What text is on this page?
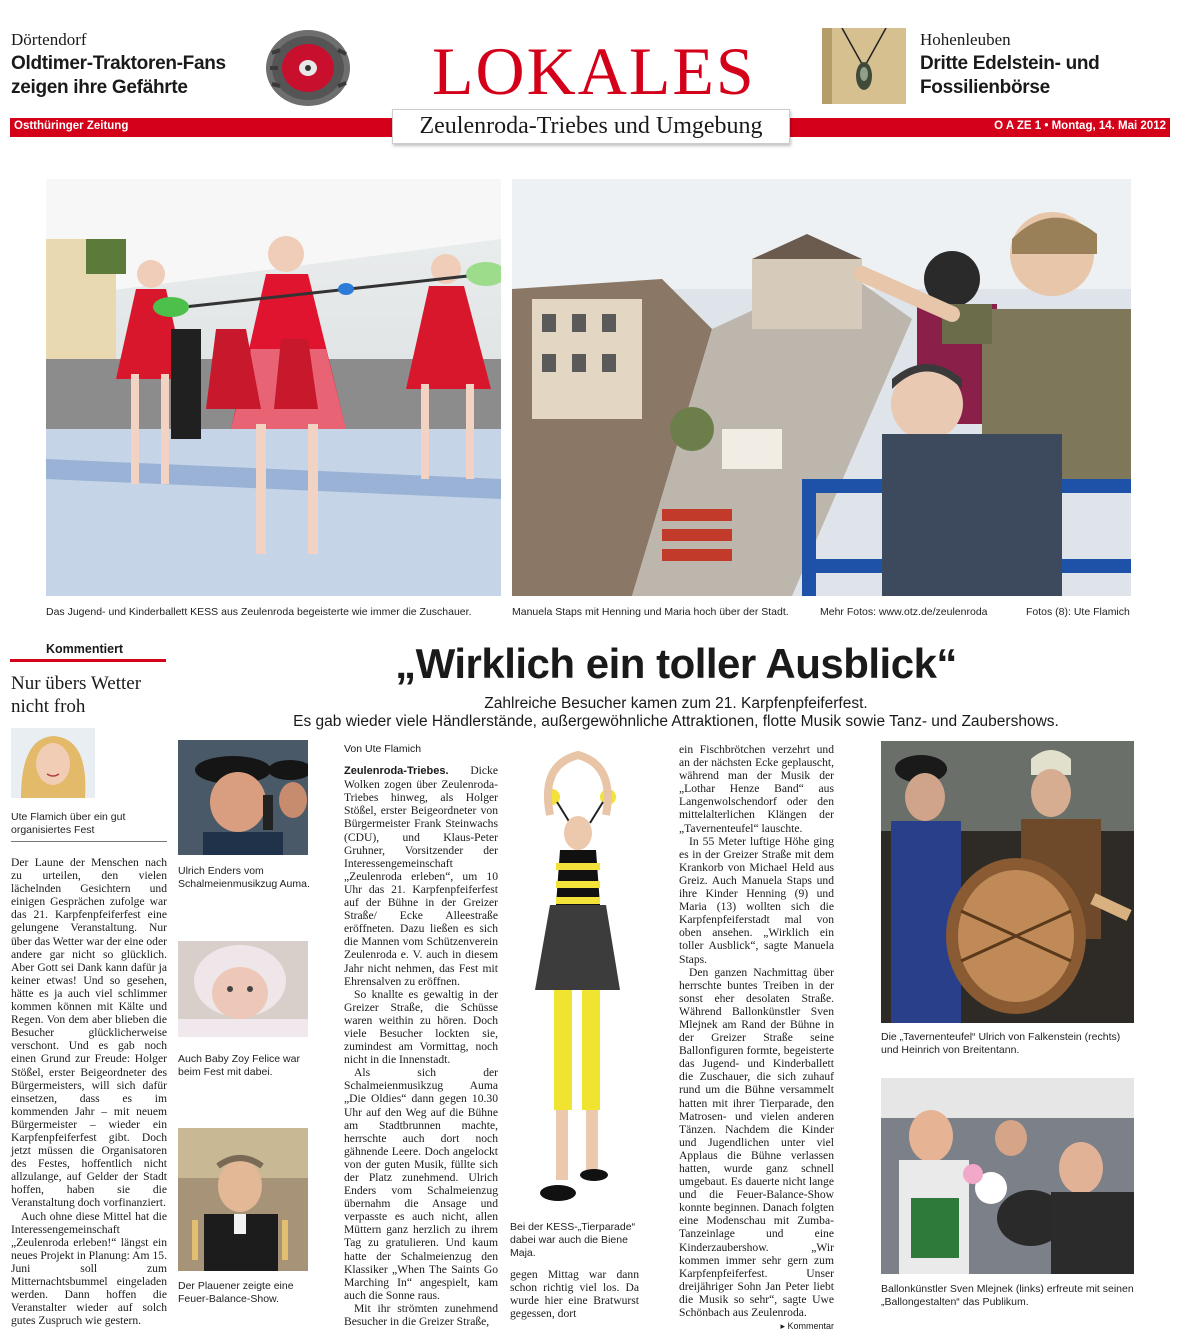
Dörtendorf
Oldtimer-Traktoren-Fans
zeigen ihre Gefährte	LOKALES	Hohenleuben
Dritte Edelstein- und
Fossilienbörse
Ostthüringer Zeitung	O A ZE 1 • Montag, 14. Mai 2012
Zeulenroda-Triebes und Umgebung
Das Jugend- und Kinderballett KESS aus Zeulenroda begeisterte wie immer die Zuschauer.	Manuela Staps mit Henning und Maria hoch über der Stadt.	Mehr Fotos: www.otz.de/zeulenroda	Fotos (8): Ute Flamich
Kommentiert
Nur übers Wetter nicht froh
Ute Flamich über ein gut organisiertes Fest

Der Laune der Menschen nach zu urteilen, den vielen lächelnden Gesichtern und einigen Gesprächen zufolge war das 21. Karpfenpfeiferfest eine gelungene Veranstaltung. Nur über das Wetter war der eine oder andere gar nicht so glücklich. Aber Gott sei Dank kann dafür ja keiner etwas! Und so gesehen, hätte es ja auch viel schlimmer kommen können mit Kälte und Regen. Von dem aber blieben die Besucher glücklicherweise verschont. Und es gab noch einen Grund zur Freude: Holger Stößel, erster Beigeordneter des Bürgermeisters, will sich dafür einsetzen, dass es im kommenden Jahr – mit neuem Bürgermeister – wieder ein Karpfenpfeiferfest gibt. Doch jetzt müssen die Organisatoren des Festes, hoffentlich nicht allzulange, auf Gelder der Stadt hoffen, haben sie die Veranstaltung doch vorfinanziert.

Auch ohne diese Mittel hat die Interessengemeinschaft „Zeulenroda erleben!“ längst ein neues Projekt in Planung: Am 15. Juni soll zum Mitternachtsbummel eingeladen werden. Dann hoffen die Veranstalter wieder auf solch gutes Zuspruch wie gestern.

„Wirklich ein toller Ausblick“
Zahlreiche Besucher kamen zum 21. Karpfenpfeiferfest.
Es gab wieder viele Händlerstände, außergewöhnliche Attraktionen, flotte Musik sowie Tanz- und Zaubershows.
Ulrich Enders vom Schalmeienmusikzug Auma.
Auch Baby Zoy Felice war beim Fest mit dabei.
Der Plauener zeigte eine Feuer-Balance-Show.

Von Ute Flamich

Zeulenroda-Triebes. Dicke Wolken zogen über Zeulenroda-Triebes hinweg, als Holger Stößel, erster Beigeordneter von Bürgermeister Frank Steinwachs (CDU), und Klaus-Peter Gruhner, Vorsitzender der Interessengemeinschaft „Zeulenroda erleben“, um 10 Uhr das 21. Karpfenpfeiferfest auf der Bühne in der Greizer Straße/ Ecke Alleestraße eröffneten. Dazu ließen es sich die Mannen vom Schützenverein Zeulenroda e. V. auch in diesem Jahr nicht nehmen, das Fest mit Ehrensalven zu eröffnen.

So knallte es gewaltig in der Greizer Straße, die Schüsse waren weithin zu hören. Doch viele Besucher lockten sie, zumindest am Vormittag, noch nicht in die Innenstadt.

Als sich der Schalmeienmusikzug Auma „Die Oldies“ dann gegen 10.30 Uhr auf den Weg auf die Bühne am Stadtbrunnen machte, herrschte auch dort noch gähnende Leere. Doch angelockt von der guten Musik, füllte sich der Platz zunehmend. Ulrich Enders vom Schalmeienzug übernahm die Ansage und verpasste es auch nicht, allen Müttern ganz herzlich zu ihrem Tag zu gratulieren. Und kaum hatte der Schalmeienzug den Klassiker „When The Saints Go Marching In“ angespielt, kam auch die Sonne raus.

Mit ihr strömten zunehmend Besucher in die Greizer Straße,

Bei der KESS-„Tierparade“ dabei war auch die Biene Maja.

gegen Mittag war dann schon richtig viel los. Da wurde hier eine Bratwurst gegessen, dort

ein Fischbrötchen verzehrt und an der nächsten Ecke geplauscht, während man der Musik der „Lothar Henze Band“ aus Langenwolschendorf oder den mittelalterlichen Klängen der „Tavernenteufel“ lauschte.

In 55 Meter luftige Höhe ging es in der Greizer Straße mit dem Krankorb von Michael Held aus Greiz. Auch Manuela Staps und ihre Kinder Henning (9) und Maria (13) wollten sich die Karpfenpfeiferstadt mal von oben ansehen. „Wirklich ein toller Ausblick“, sagte Manuela Staps.

Den ganzen Nachmittag über herrschte buntes Treiben in der sonst eher desolaten Straße. Während Ballonkünstler Sven Mlejnek am Rand der Bühne in der Greizer Straße seine Ballonfiguren formte, begeisterte das Jugend- und Kinderballett die Zuschauer, die sich zuhauf rund um die Bühne versammelt hatten mit ihrer Tierparade, den Matrosen- und vielen anderen Tänzen. Nachdem die Kinder und Jugendlichen unter viel Applaus die Bühne verlassen hatten, wurde ganz schnell umgebaut. Es dauerte nicht lange und die Feuer-Balance-Show konnte beginnen. Danach folgten eine Modenschau mit Zumba-Tanzeinlage und eine Kinderzaubershow. „Wir kommen immer sehr gern zum Karpfenpfeiferfest. Unser dreijähriger Sohn Jan Peter liebt die Musik so sehr“, sagte Uwe Schönbach aus Zeulenroda.

▸ Kommentar

Die „Tavernenteufel“ Ulrich von Falkenstein (rechts) und Heinrich von Breitentann.
Ballonkünstler Sven Mlejnek (links) erfreute mit seinen „Ballongestalten“ das Publikum.
